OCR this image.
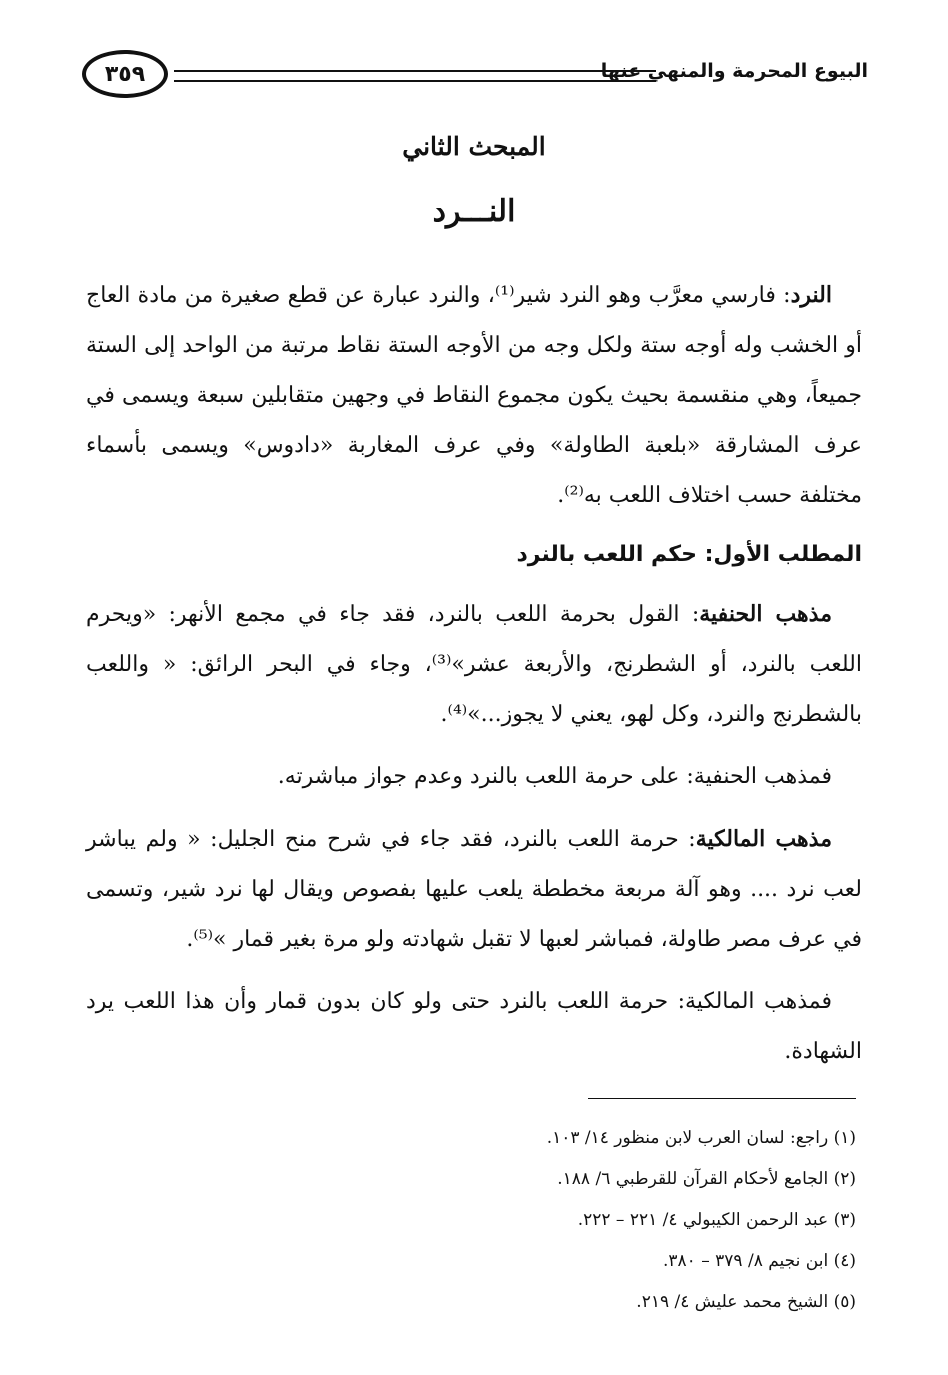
٣٥٩	البيوع المحرمة والمنهي عنها
المبحث الثاني
النـــرد

النرد: فارسي معرَّب وهو النرد شير⁽¹⁾، والنرد عبارة عن قطع صغيرة من مادة العاج أو الخشب وله أوجه ستة ولكل وجه من الأوجه الستة نقاط مرتبة من الواحد إلى الستة جميعاً، وهي منقسمة بحيث يكون مجموع النقاط في وجهين متقابلين سبعة ويسمى في عرف المشارقة «بلعبة الطاولة» وفي عرف المغاربة «دادوس» ويسمى بأسماء مختلفة حسب اختلاف اللعب به⁽²⁾.

المطلب الأول: حكم اللعب بالنرد

مذهب الحنفية: القول بحرمة اللعب بالنرد، فقد جاء في مجمع الأنهر: «ويحرم اللعب بالنرد، أو الشطرنج، والأربعة عشر»⁽³⁾، وجاء في البحر الرائق: « واللعب بالشطرنج والنرد، وكل لهو، يعني لا يجوز...»⁽⁴⁾.

فمذهب الحنفية: على حرمة اللعب بالنرد وعدم جواز مباشرته.

مذهب المالكية: حرمة اللعب بالنرد، فقد جاء في شرح منح الجليل: « ولم يباشر لعب نرد .... وهو آلة مربعة مخططة يلعب عليها بفصوص ويقال لها نرد شير، وتسمى في عرف مصر طاولة، فمباشر لعبها لا تقبل شهادته ولو مرة بغير قمار »⁽⁵⁾.

فمذهب المالكية: حرمة اللعب بالنرد حتى ولو كان بدون قمار وأن هذا اللعب يرد الشهادة.

(١) راجع: لسان العرب لابن منظور ١٤/ ١٠٣.
(٢) الجامع لأحكام القرآن للقرطبي ٦/ ١٨٨.
(٣) عبد الرحمن الكيبولي ٤/ ٢٢١ – ٢٢٢.
(٤) ابن نجيم ٨/ ٣٧٩ – ٣٨٠.
(٥) الشيخ محمد عليش ٤/ ٢١٩.
